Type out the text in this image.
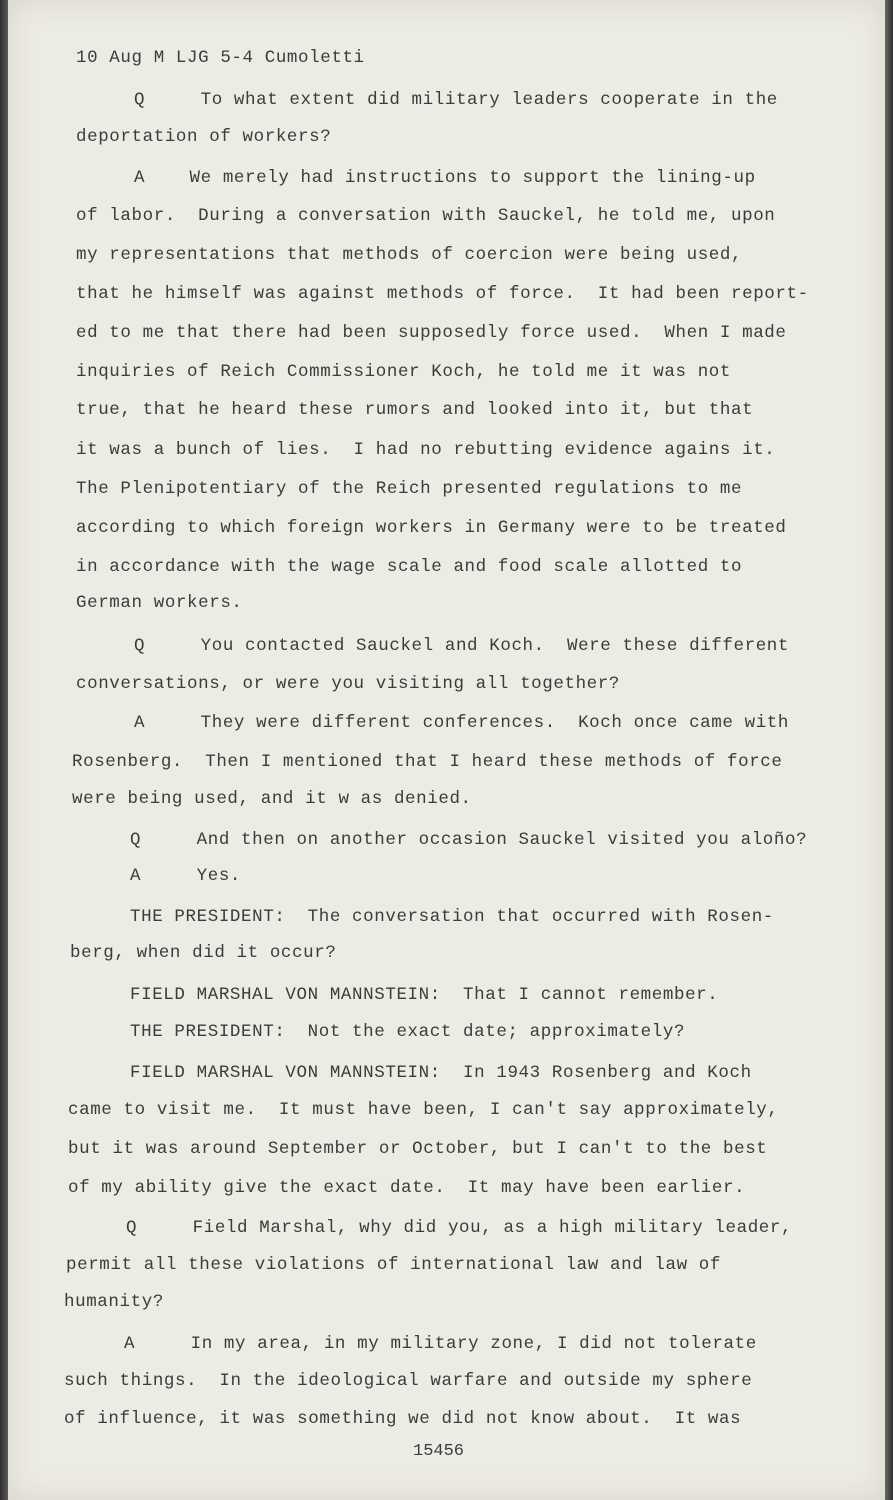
10 Aug M LJG 5-4 Cumoletti

Q     To what extent did military leaders cooperate in the

deportation of workers?

A    We merely had instructions to support the lining-up

of labor.  During a conversation with Sauckel, he told me, upon

my representations that methods of coercion were being used,

that he himself was against methods of force.  It had been report-

ed to me that there had been supposedly force used.  When I made

inquiries of Reich Commissioner Koch, he told me it was not

true, that he heard these rumors and looked into it, but that

it was a bunch of lies.  I had no rebutting evidence agains it.

The Plenipotentiary of the Reich presented regulations to me

according to which foreign workers in Germany were to be treated

in accordance with the wage scale and food scale allotted to

German workers.

Q     You contacted Sauckel and Koch.  Were these different

conversations, or were you visiting all together?

A     They were different conferences.  Koch once came with

Rosenberg.  Then I mentioned that I heard these methods of force

were being used, and it w as denied.

Q     And then on another occasion Sauckel visited you aloño?

A     Yes.

THE PRESIDENT:  The conversation that occurred with Rosen-

berg, when did it occur?

FIELD MARSHAL VON MANNSTEIN:  That I cannot remember.

THE PRESIDENT:  Not the exact date; approximately?

FIELD MARSHAL VON MANNSTEIN:  In 1943 Rosenberg and Koch

came to visit me.  It must have been, I can't say approximately,

but it was around September or October, but I can't to the best

of my ability give the exact date.  It may have been earlier.

Q     Field Marshal, why did you, as a high military leader,

permit all these violations of international law and law of

humanity?

A     In my area, in my military zone, I did not tolerate

such things.  In the ideological warfare and outside my sphere

of influence, it was something we did not know about.  It was

15456
